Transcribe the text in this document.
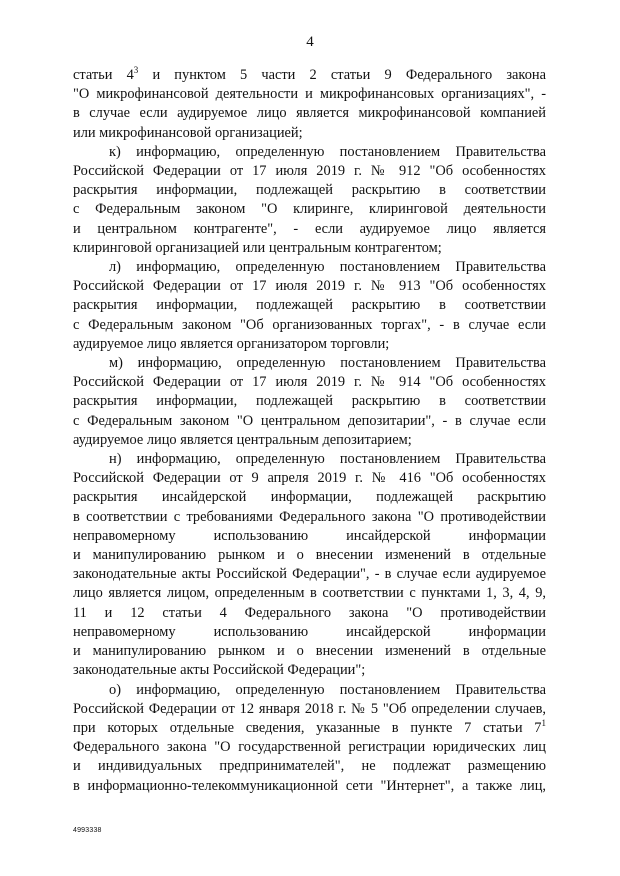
4
статьи $4^3$ и пунктом 5 части 2 статьи 9 Федерального закона
"О микрофинансовой деятельности и микрофинансовых организациях", -
в случае если аудируемое лицо является микрофинансовой компанией
или микрофинансовой организацией;
к) информацию, определенную постановлением Правительства
Российской Федерации от 17 июля 2019 г. № 912 "Об особенностях
раскрытия информации, подлежащей раскрытию в соответствии
с Федеральным законом "О клиринге, клиринговой деятельности
и центральном контрагенте", - если аудируемое лицо является
клиринговой организацией или центральным контрагентом;
л) информацию, определенную постановлением Правительства
Российской Федерации от 17 июля 2019 г. № 913 "Об особенностях
раскрытия информации, подлежащей раскрытию в соответствии
с Федеральным законом "Об организованных торгах", - в случае если
аудируемое лицо является организатором торговли;
м) информацию, определенную постановлением Правительства
Российской Федерации от 17 июля 2019 г. № 914 "Об особенностях
раскрытия информации, подлежащей раскрытию в соответствии
с Федеральным законом "О центральном депозитарии", - в случае если
аудируемое лицо является центральным депозитарием;
н) информацию, определенную постановлением Правительства
Российской Федерации от 9 апреля 2019 г. № 416 "Об особенностях
раскрытия инсайдерской информации, подлежащей раскрытию
в соответствии с требованиями Федерального закона "О противодействии
неправомерному использованию инсайдерской информации
и манипулированию рынком и о внесении изменений в отдельные
законодательные акты Российской Федерации", - в случае если аудируемое
лицо является лицом, определенным в соответствии с пунктами 1, 3, 4, 9,
11 и 12 статьи 4 Федерального закона "О противодействии
неправомерному использованию инсайдерской информации
и манипулированию рынком и о внесении изменений в отдельные
законодательные акты Российской Федерации";
о) информацию, определенную постановлением Правительства
Российской Федерации от 12 января 2018 г. № 5 "Об определении случаев,
при которых отдельные сведения, указанные в пункте 7 статьи $7^1$
Федерального закона "О государственной регистрации юридических лиц
и индивидуальных предпринимателей", не подлежат размещению
в информационно-телекоммуникационной сети "Интернет", а также лиц,
4993338
